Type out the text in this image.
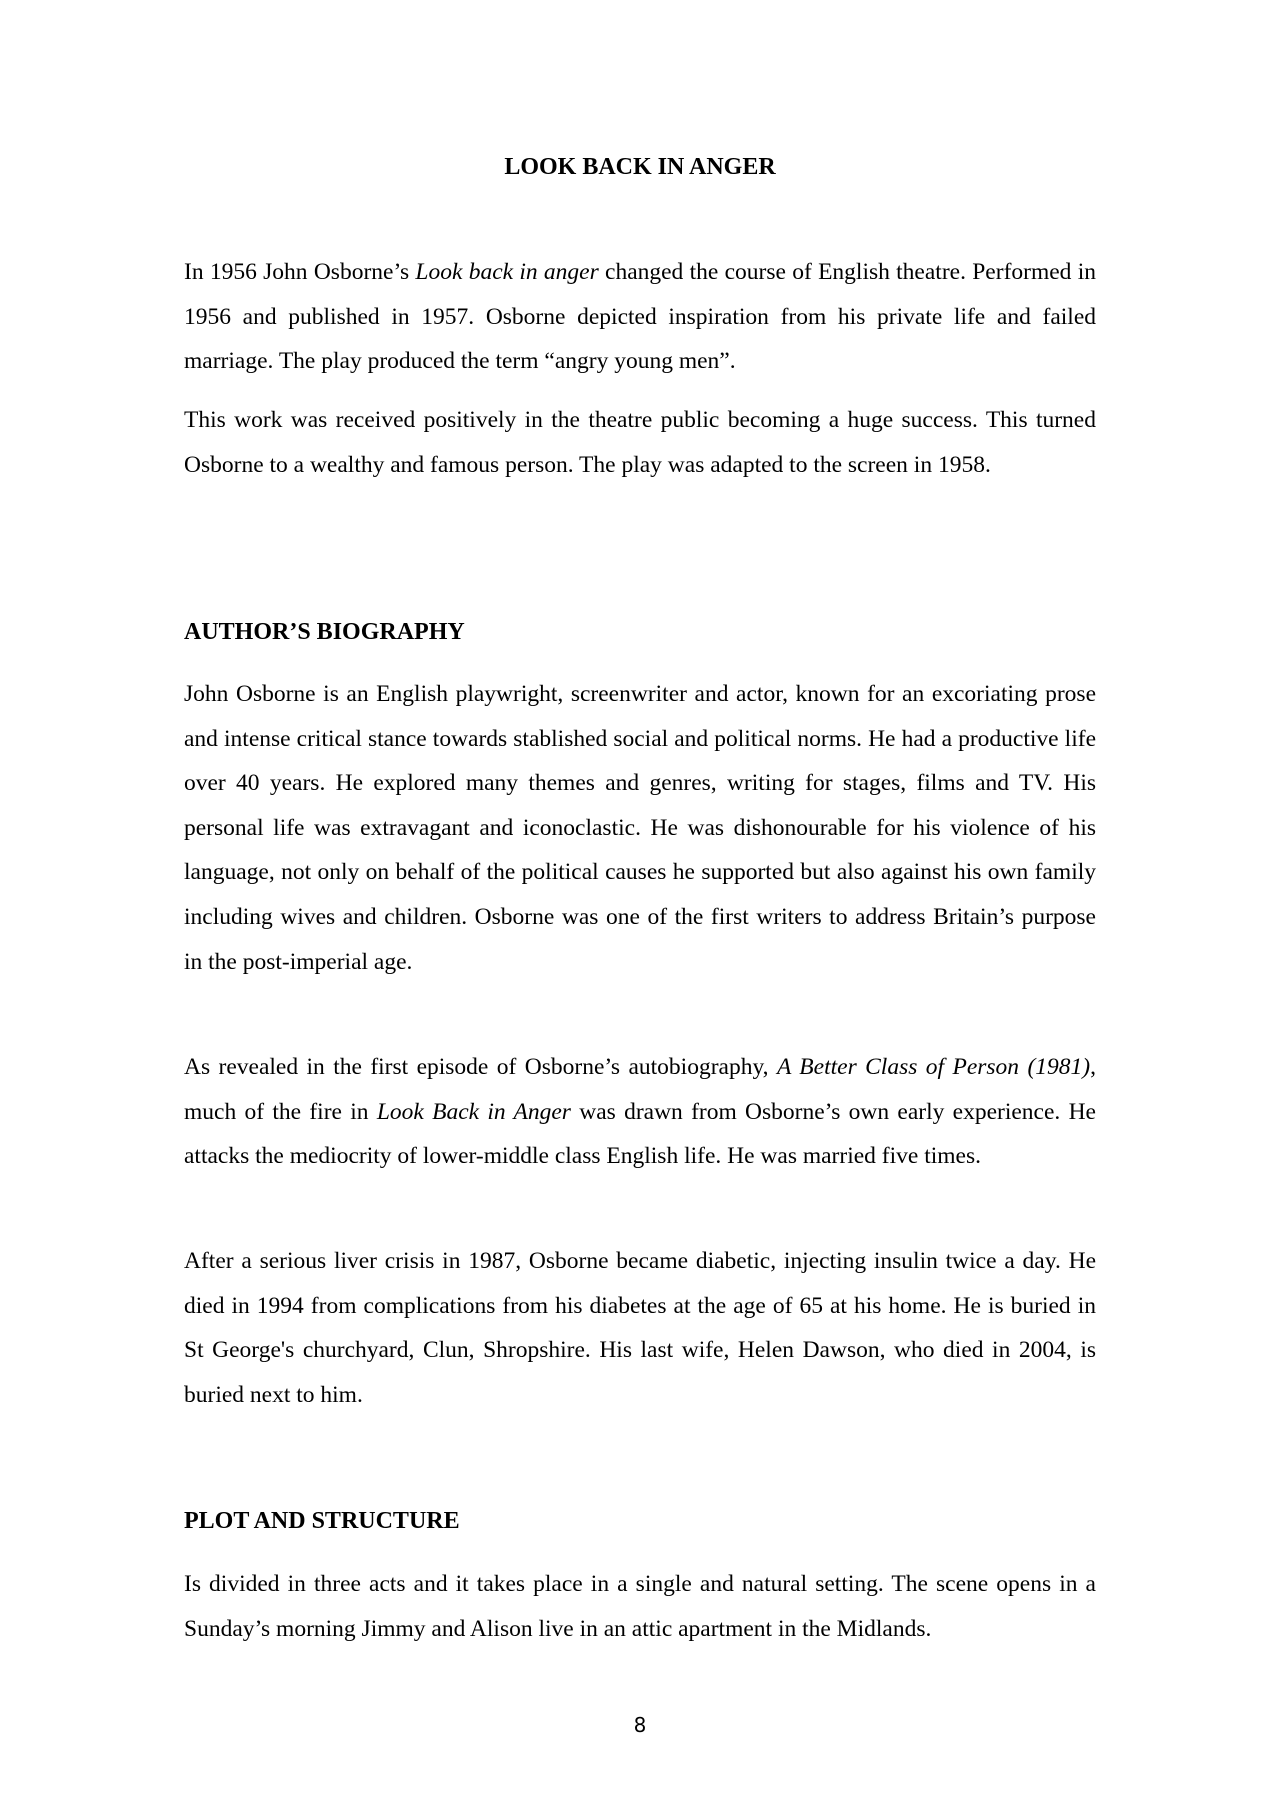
LOOK BACK IN ANGER

In 1956 John Osborne’s Look back in anger changed the course of English theatre. Performed in 1956 and published in 1957. Osborne depicted inspiration from his private life and failed marriage. The play produced the term “angry young men”.

This work was received positively in the theatre public becoming a huge success. This turned Osborne to a wealthy and famous person. The play was adapted to the screen in 1958.

AUTHOR’S BIOGRAPHY

John Osborne is an English playwright, screenwriter and actor, known for an excoriating prose and intense critical stance towards stablished social and political norms. He had a productive life over 40 years. He explored many themes and genres, writing for stages, films and TV. His personal life was extravagant and iconoclastic. He was dishonourable for his violence of his language, not only on behalf of the political causes he supported but also against his own family including wives and children. Osborne was one of the first writers to address Britain’s purpose in the post-imperial age.

As revealed in the first episode of Osborne’s autobiography, A Better Class of Person (1981), much of the fire in Look Back in Anger was drawn from Osborne’s own early experience. He attacks the mediocrity of lower-middle class English life. He was married five times.

After a serious liver crisis in 1987, Osborne became diabetic, injecting insulin twice a day. He died in 1994 from complications from his diabetes at the age of 65 at his home. He is buried in St George's churchyard, Clun, Shropshire. His last wife, Helen Dawson, who died in 2004, is buried next to him.

PLOT AND STRUCTURE

Is divided in three acts and it takes place in a single and natural setting. The scene opens in a Sunday’s morning Jimmy and Alison live in an attic apartment in the Midlands.

8
